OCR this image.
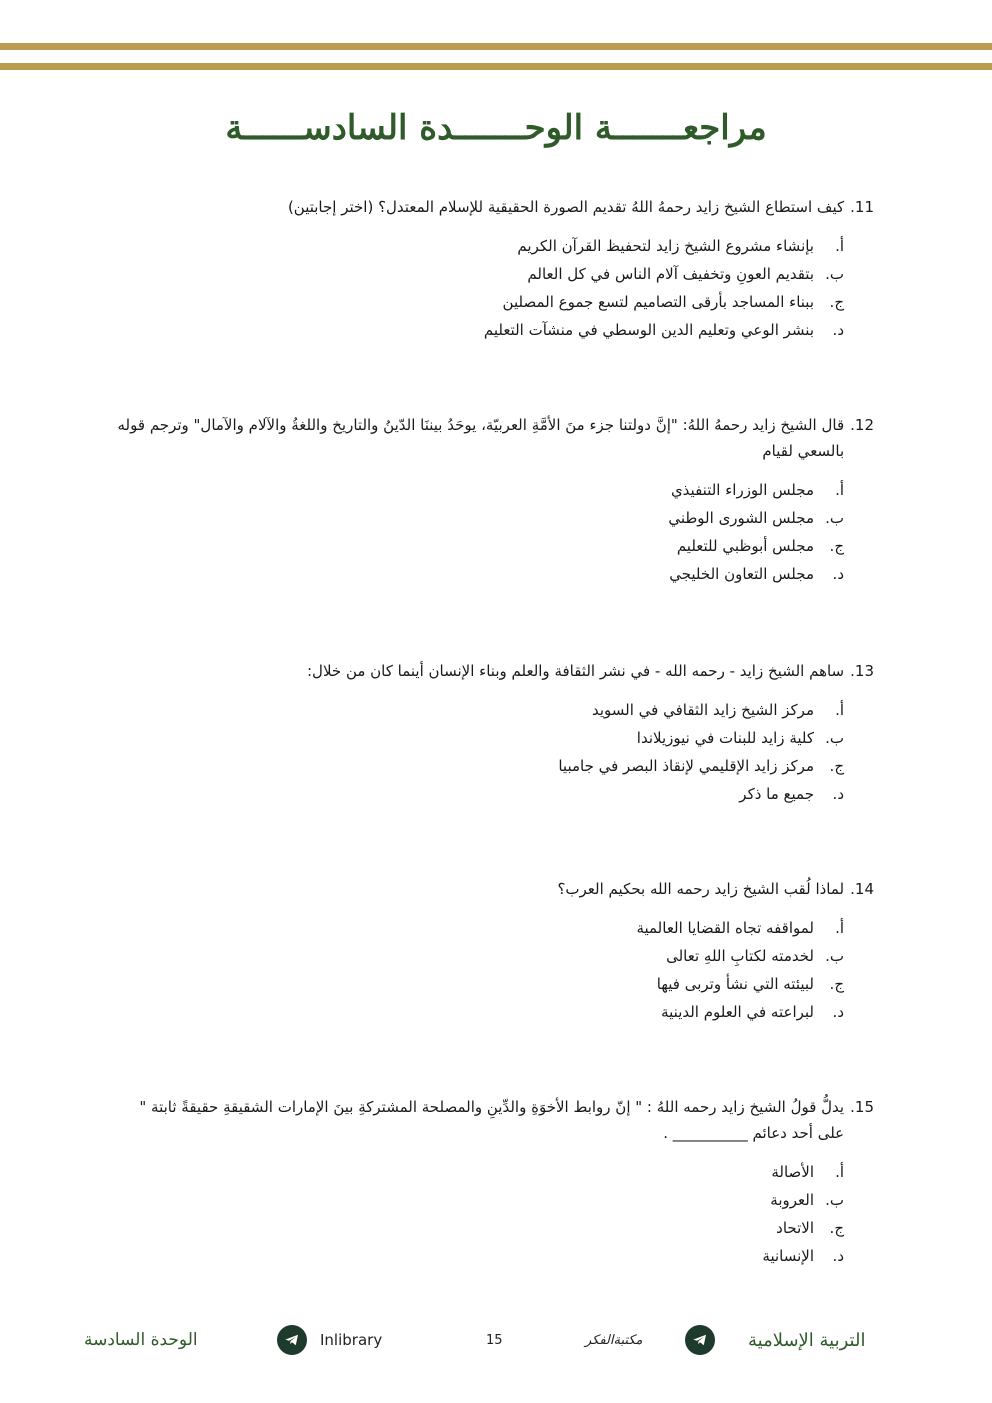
مراجعـــــــة الوحـــــــدة السادســــــة
11.
كيف استطاع الشيخ زايد رحمهُ اللهُ تقديم الصورة الحقيقية للإسلام المعتدل؟ (اختر إجابتين)
أ.
بإنشاء مشروع الشيخ زايد لتحفيظ القرآن الكريم
ب.
بتقديم العونِ وتخفيف آلام الناس في كل العالم
ج.
ببناء المساجد بأرقى التصاميم لتسع جموع المصلين
د.
بنشر الوعي وتعليم الدين الوسطي في منشآت التعليم
12.
قال الشيخ زايد رحمهُ اللهُ: "إنَّ دولتنا جزء منَ الأمَّةِ العربيّة، يوحَدُ بيننَا الدّينُ والتاريخ واللغةُ والآلام والآمال" وترجم قوله بالسعي لقيام
أ.
مجلس الوزراء التنفيذي
ب.
مجلس الشورى الوطني
ج.
مجلس أبوظبي للتعليم
د.
مجلس التعاون الخليجي
13.
ساهم الشيخ زايد - رحمه الله - في نشر الثقافة والعلم وبناء الإنسان أينما كان من خلال:
أ.
مركز الشيخ زايد الثقافي في السويد
ب.
كلية زايد للبنات في نيوزيلاندا
ج.
مركز زايد الإقليمي لإنقاذ البصر في جامبيا
د.
جميع ما ذكر
14.
لماذا لُقب الشيخ زايد رحمه الله بحكيم العرب؟
أ.
لمواقفه تجاه القضايا العالمية
ب.
لخدمته لكتابِ اللهِ تعالى
ج.
لبيئته التي نشأ وتربى فيها
د.
لبراعته في العلوم الدينية
15.
يدلُّ قولُ الشيخ زايد رحمه اللهُ : " إنّ روابط الأخوَةِ والدِّينِ والمصلحة المشتركةِ بينَ الإمارات الشقيقةِ حقيقةً ثابتة " على أحد دعائم __________ .
أ.
الأصالة
ب.
العروبة
ج.
الاتحاد
د.
الإنسانية
الوحدة السادسة	Inlibrary	15	مكتبةالفكر	التربية الإسلامية
